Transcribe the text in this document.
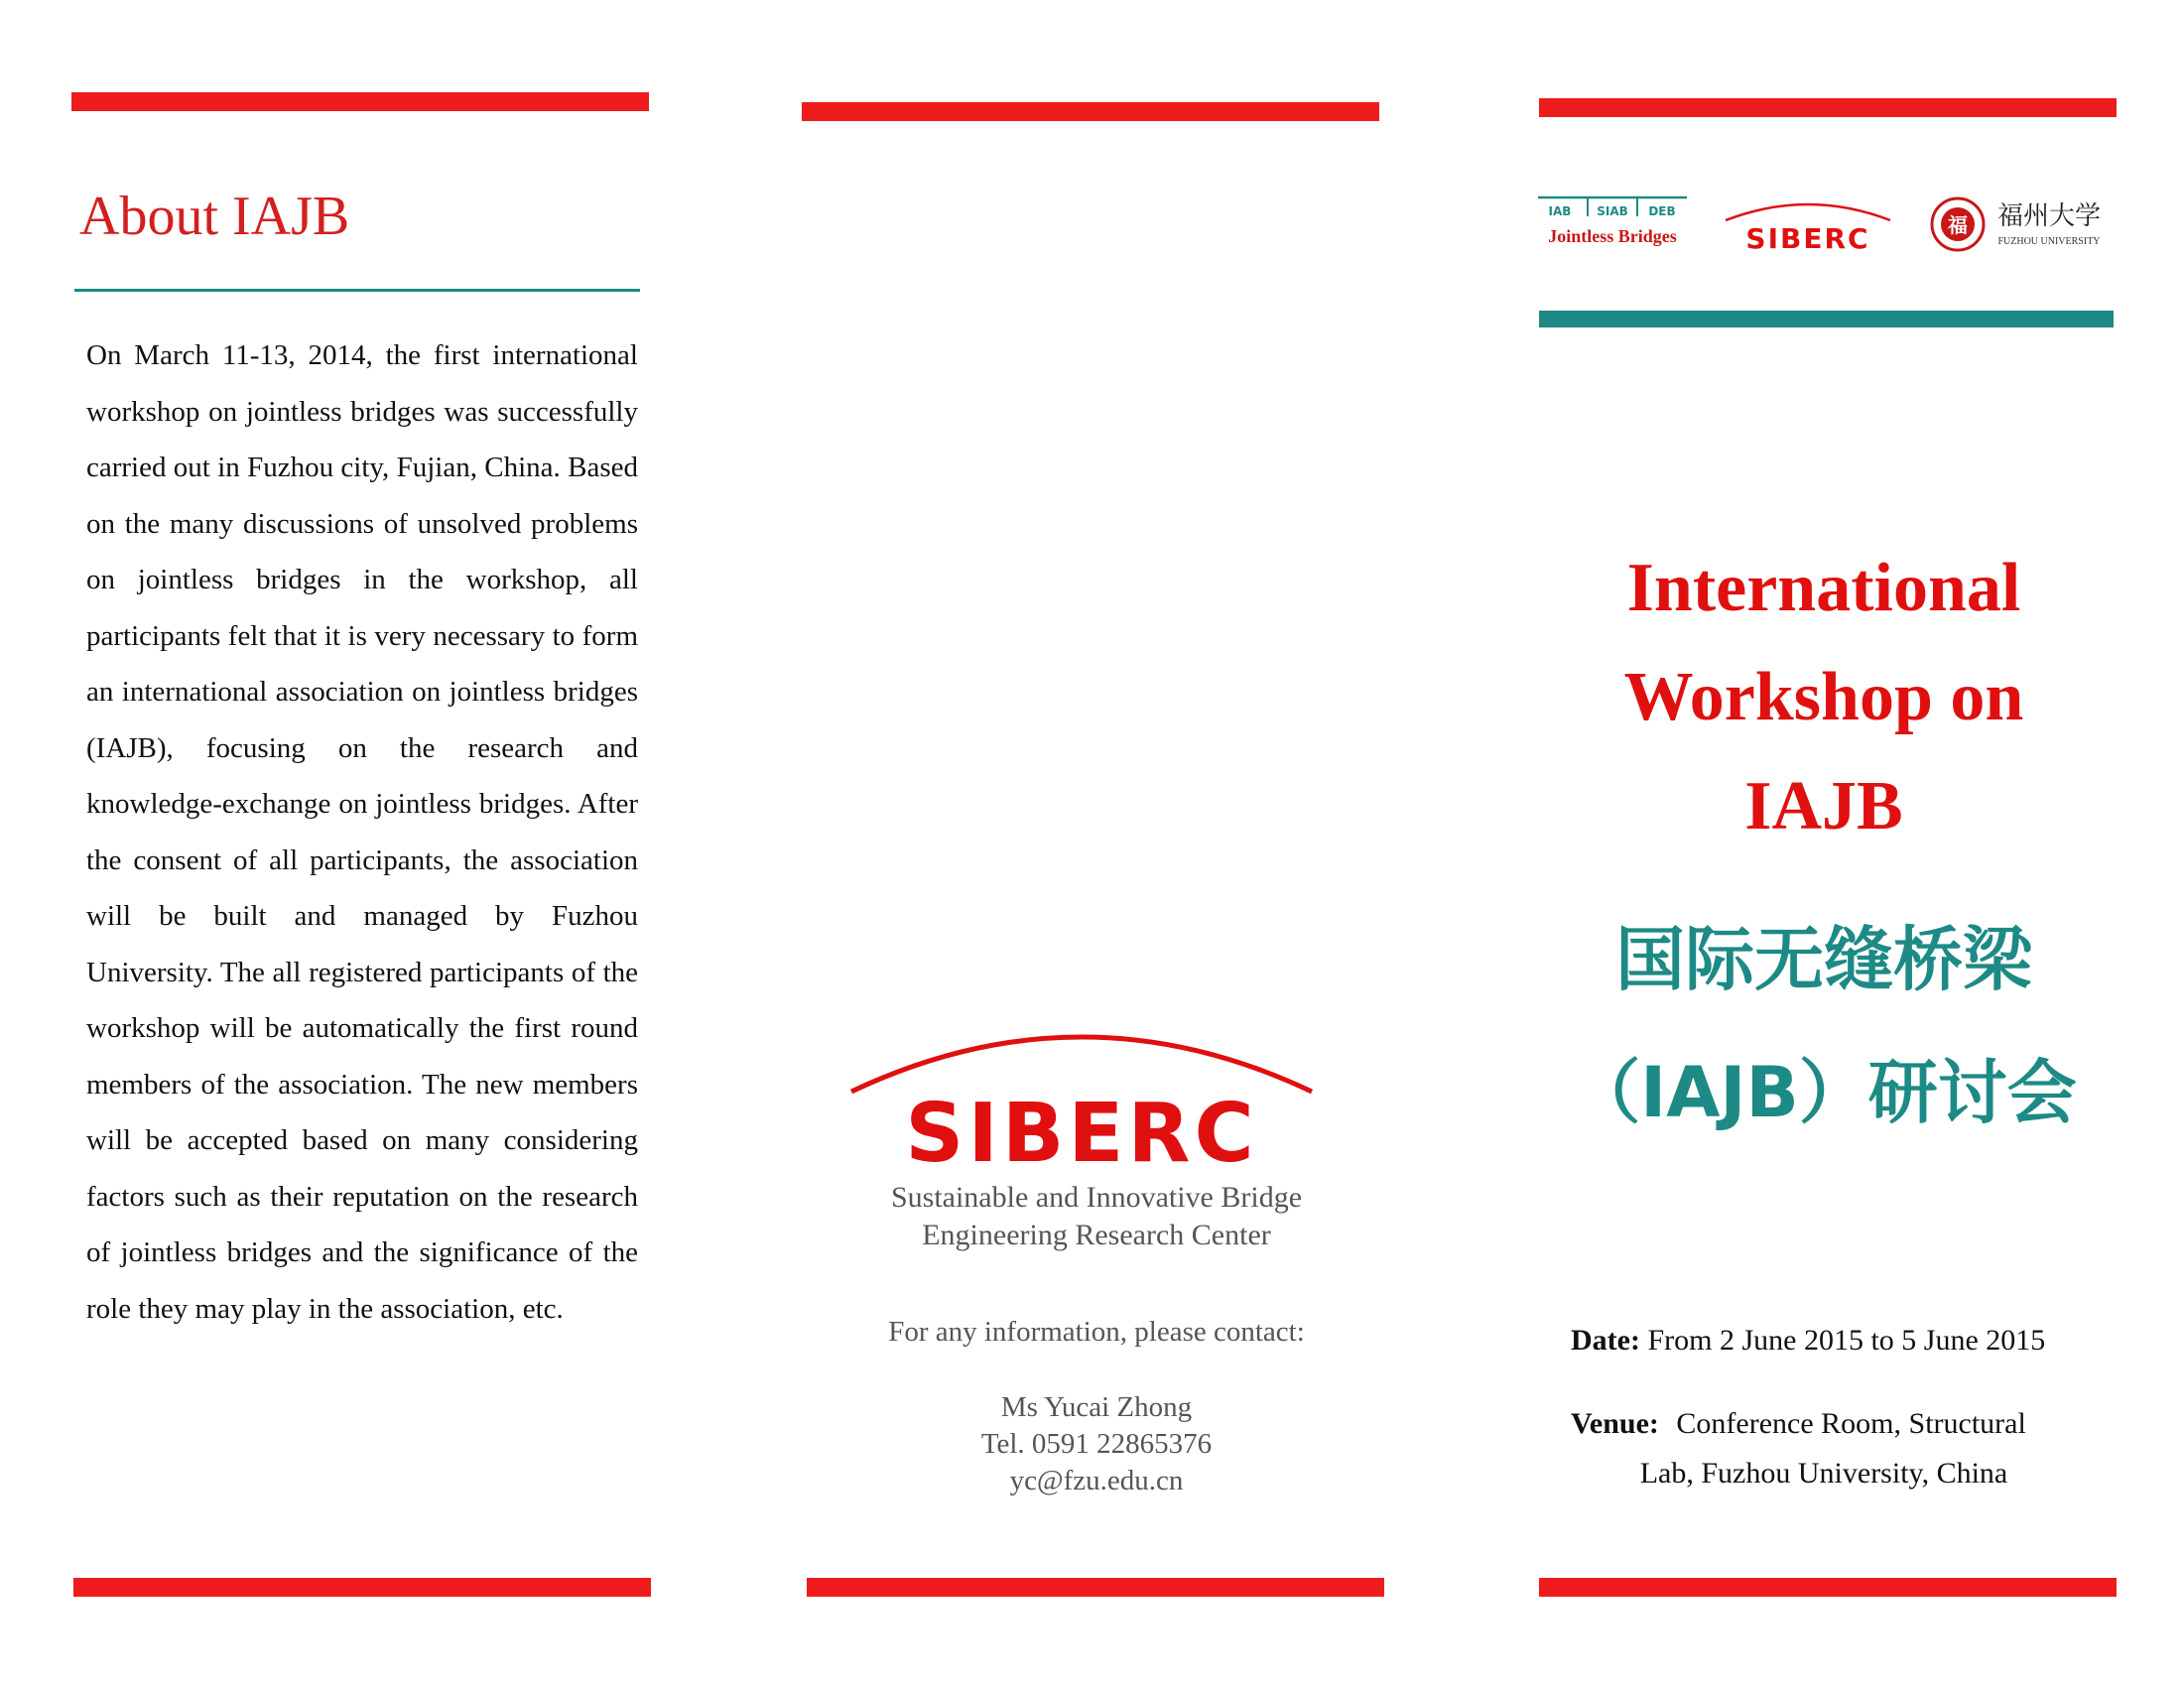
About IAJB

On March 11-13, 2014, the first international workshop on jointless bridges was successfully carried out in Fuzhou city, Fujian, China. Based on the many discussions of unsolved problems on jointless bridges in the workshop, all participants felt that it is very necessary to form an international association on jointless bridges (IAJB), focusing on the research and knowledge-exchange on jointless bridges. After the consent of all participants, the association will be built and managed by Fuzhou University. The all registered participants of the workshop will be automatically the first round members of the association. The new members will be accepted based on many considering factors such as their reputation on the research of jointless bridges and the significance of the role they may play in the association, etc.

SIBERC
Sustainable and Innovative Bridge
Engineering Research Center
For any information, please contact:
Ms Yucai Zhong
Tel. 0591 22865376
yc@fzu.edu.cn
IAB SIAB DEB
Jointless Bridges SIBERC	福 福州大学
FUZHOU UNIVERSITY
International
Workshop on
IAJB
国际无缝桥梁
（IAJB）研讨会
Date: From 2 June 2015 to 5 June 2015
Venue: Conference Room, Structural
Lab, Fuzhou University, China
